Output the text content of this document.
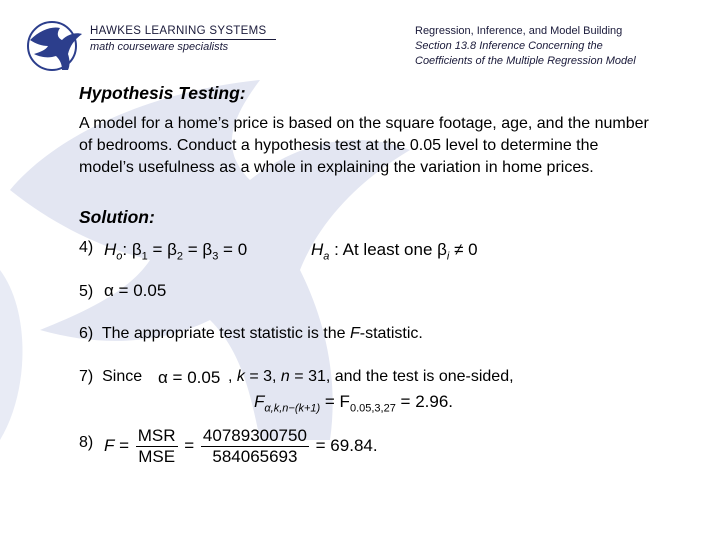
HAWKES LEARNING SYSTEMS
math courseware specialists
Regression, Inference, and Model Building
Section 13.8 Inference Concerning the
Coefficients of the Multiple Regression Model
Hypothesis Testing:
A model for a home’s price is based on the square footage, age, and the number of bedrooms. Conduct a hypothesis test at the 0.05 level to determine the model’s usefulness as a whole in explaining the variation in home prices.
Solution:
4) $H_o$: $\beta_1 = \beta_2 = \beta_3 = 0$	$H_a$ : At least one $\beta_i \ne 0$
5) α = 0.05
6) The appropriate test statistic is the F-statistic.
7) Since α = 0.05 , k = 3, n = 31, and the test is one-sided,
$F_{\alpha,k,n-(k+1)} = F_{0.05,3,27} = 2.96$.
8) $F = \frac{\text{MSR}}{\text{MSE}} = \frac{40789300750}{584065693} = 69.84$.
